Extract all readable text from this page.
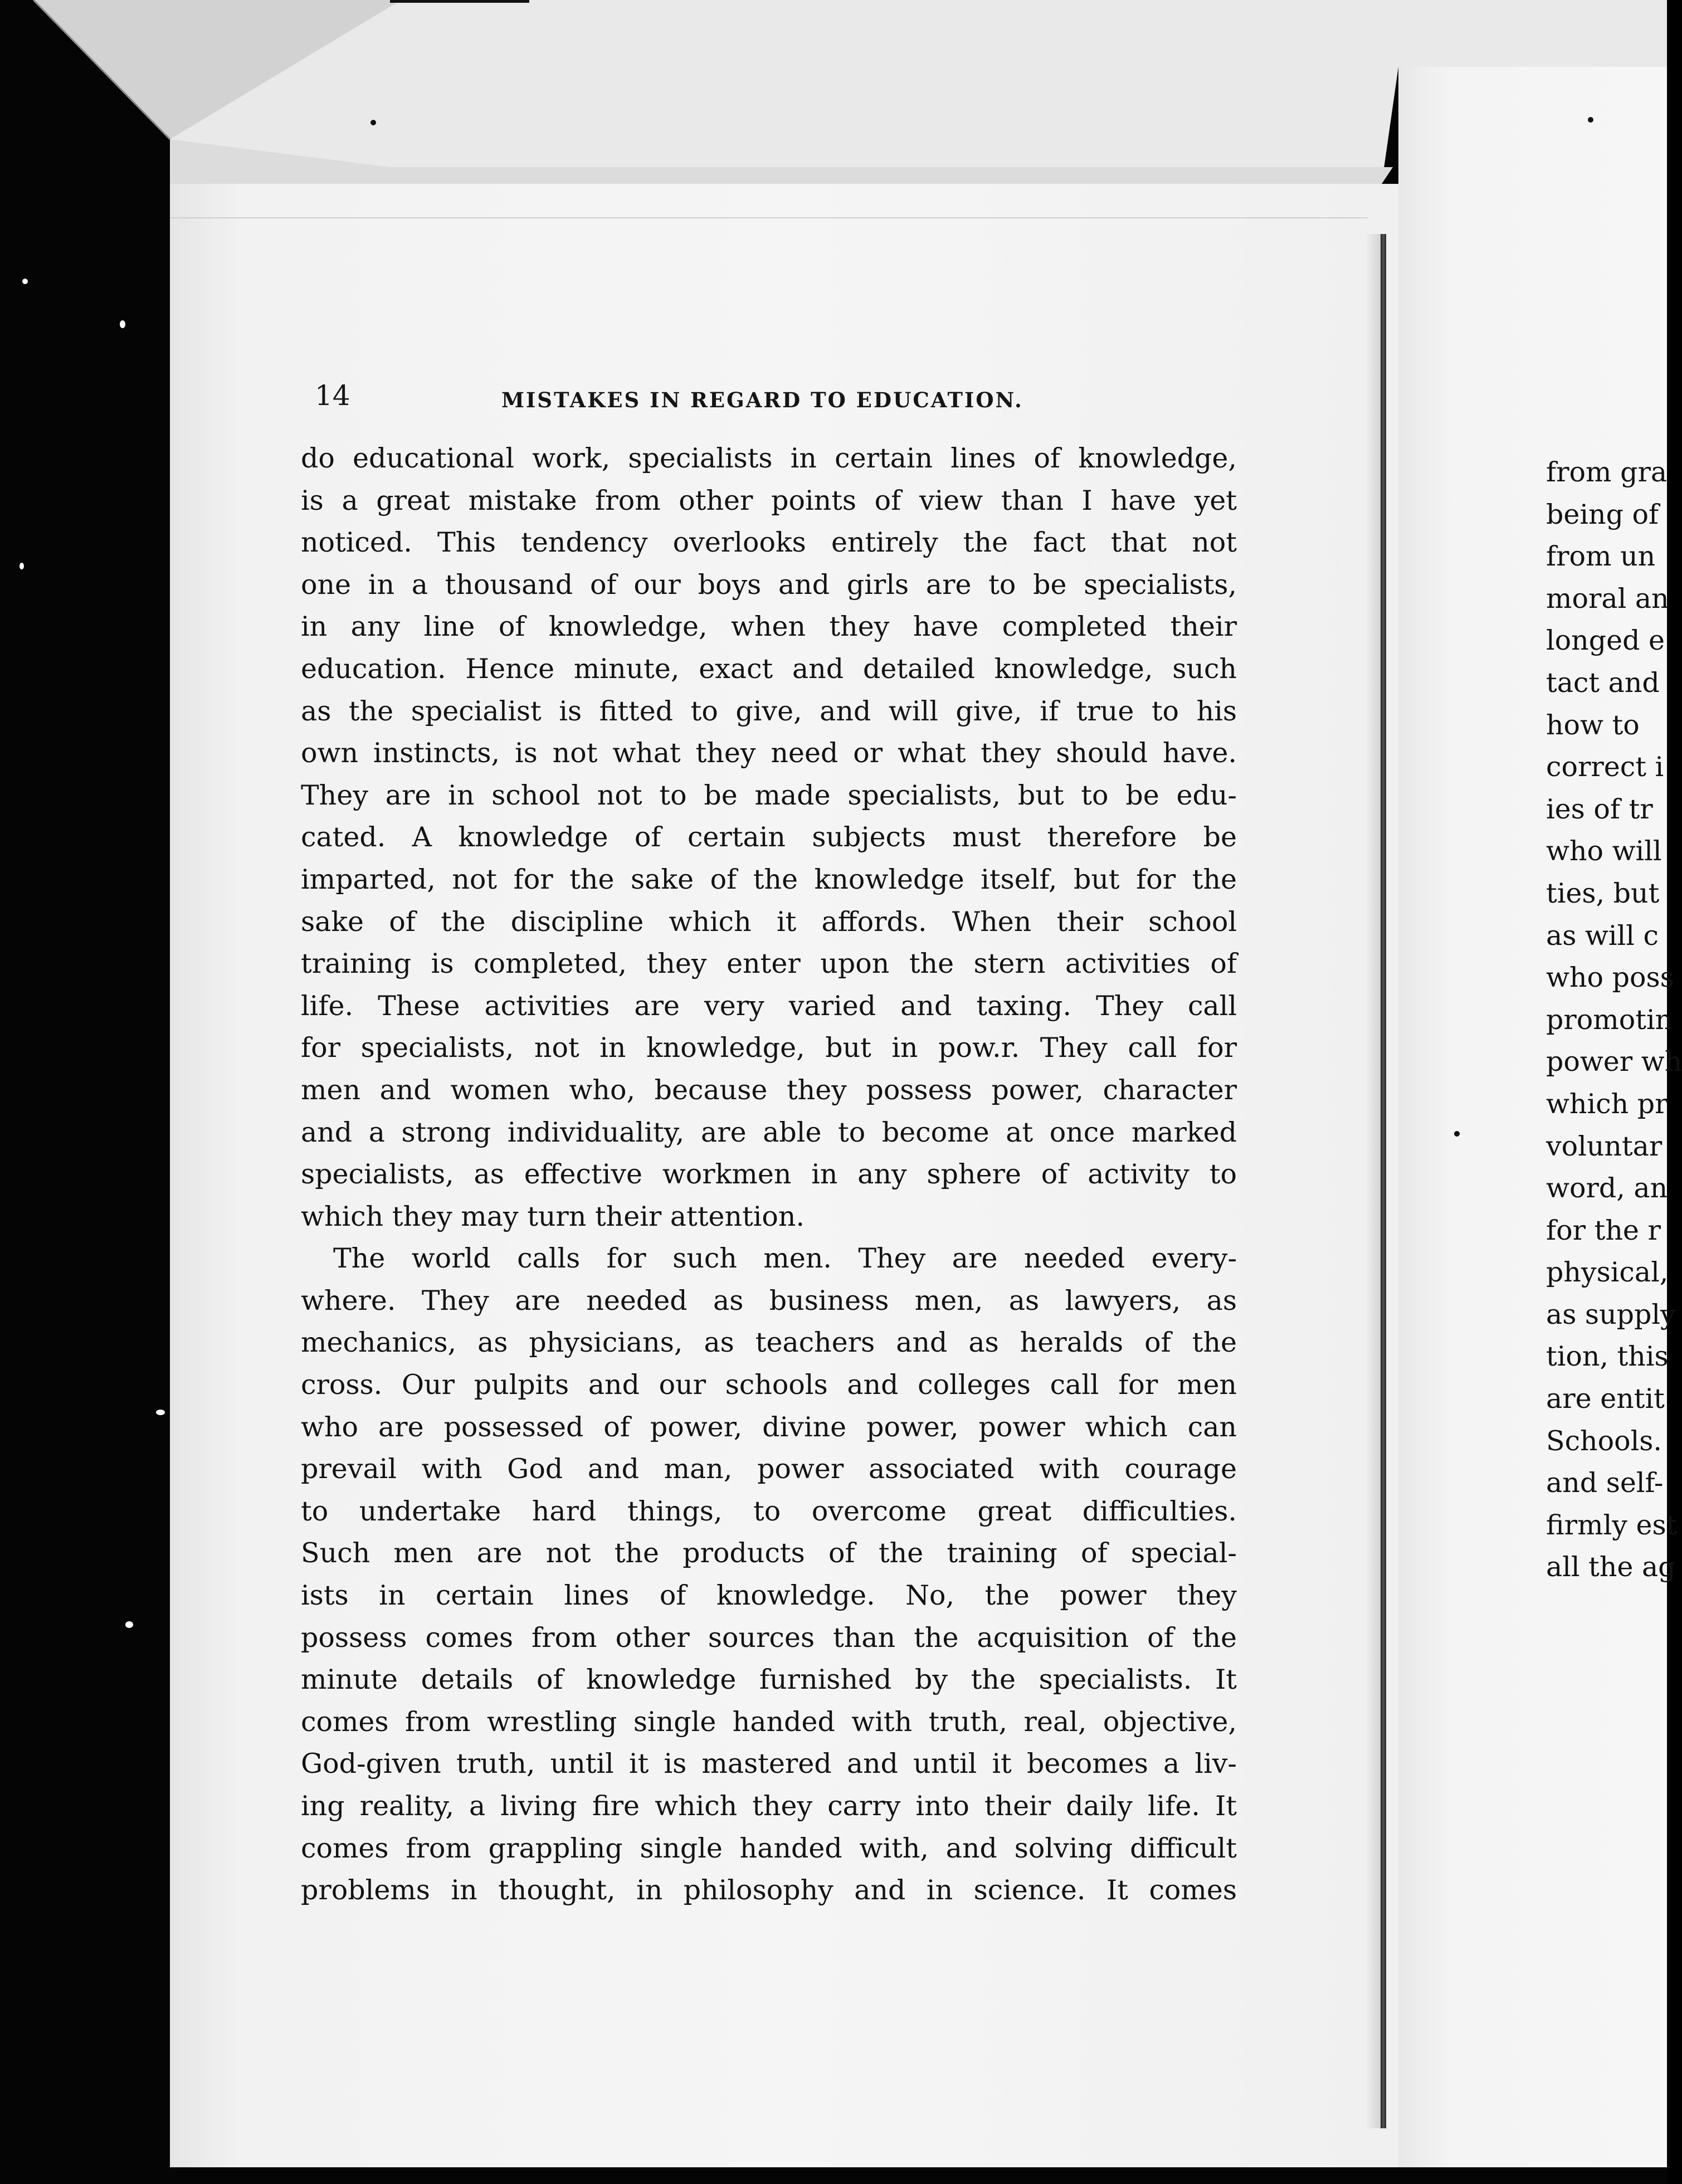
14	MISTAKES IN REGARD TO EDUCATION.
do educational work, specialists in certain lines of knowledge,
is a great mistake from other points of view than I have yet
noticed. This tendency overlooks entirely the fact that not
one in a thousand of our boys and girls are to be specialists,
in any line of knowledge, when they have completed their
education. Hence minute, exact and detailed knowledge, such
as the specialist is fitted to give, and will give, if true to his
own instincts, is not what they need or what they should have.
They are in school not to be made specialists, but to be edu-
cated. A knowledge of certain subjects must therefore be
imparted, not for the sake of the knowledge itself, but for the
sake of the discipline which it affords. When their school
training is completed, they enter upon the stern activities of
life. These activities are very varied and taxing. They call
for specialists, not in knowledge, but in pow.r. They call for
men and women who, because they possess power, character
and a strong individuality, are able to become at once marked
specialists, as effective workmen in any sphere of activity to
which they may turn their attention.
The world calls for such men. They are needed every-
where. They are needed as business men, as lawyers, as
mechanics, as physicians, as teachers and as heralds of the
cross. Our pulpits and our schools and colleges call for men
who are possessed of power, divine power, power which can
prevail with God and man, power associated with courage
to undertake hard things, to overcome great difficulties.
Such men are not the products of the training of special-
ists in certain lines of knowledge. No, the power they
possess comes from other sources than the acquisition of the
minute details of knowledge furnished by the specialists. It
comes from wrestling single handed with truth, real, objective,
God-given truth, until it is mastered and until it becomes a liv-
ing reality, a living fire which they carry into their daily life. It
comes from grappling single handed with, and solving difficult
problems in thought, in philosophy and in science. It comes
from gra
being of
from un
moral an
longed e
tact and
how to
correct i
ies of tr
who will
ties, but
as will c
who poss
promotin
power wh
which pr
voluntar
word, an
for the r
physical,
as supply
tion, this
are entit
Schools.
and self-
firmly est
all the ag
